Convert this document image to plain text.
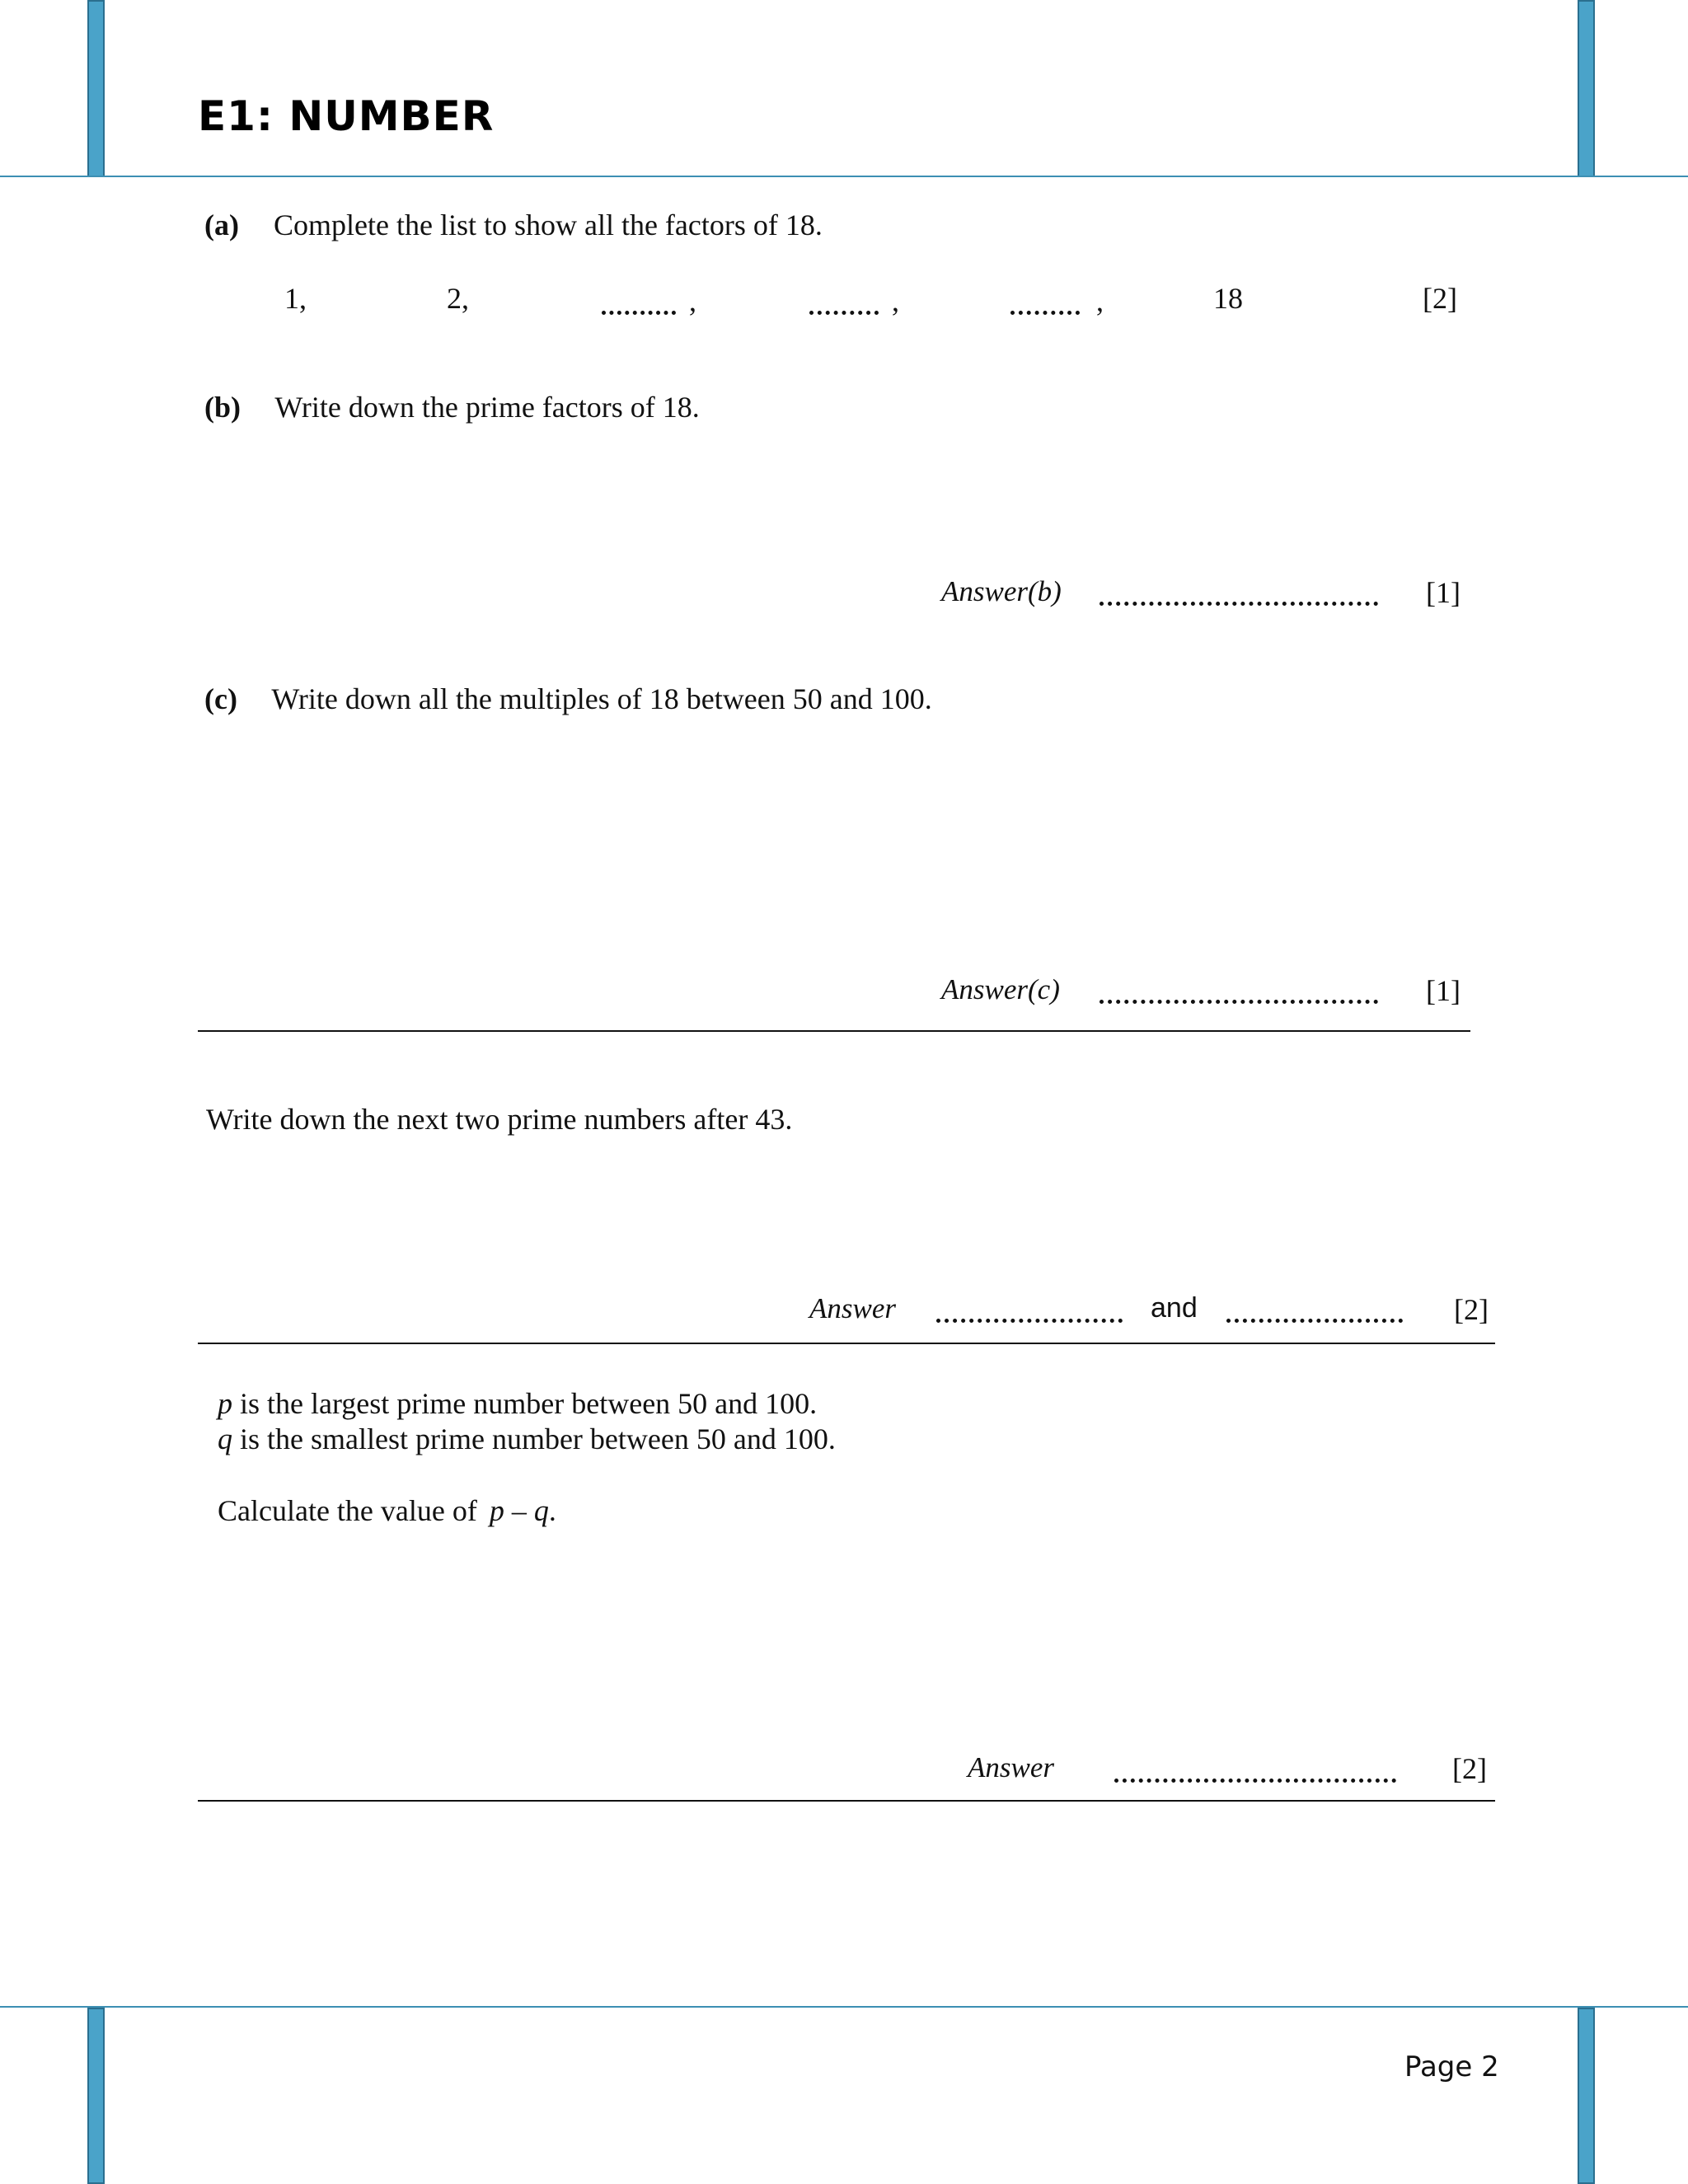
E1: NUMBER
(a) Complete the list to show all the factors of 18.
1,	2,	,	,	,	18	[2]
(b) Write down the prime factors of 18.
Answer(b)	[1]
(c) Write down all the multiples of 18 between 50 and 100.
Answer(c)	[1]
Write down the next two prime numbers after 43.
Answer	and	[2]
p is the largest prime number between 50 and 100.
q is the smallest prime number between 50 and 100.
Calculate the value of p – q.
Answer	[2]
Page 2
